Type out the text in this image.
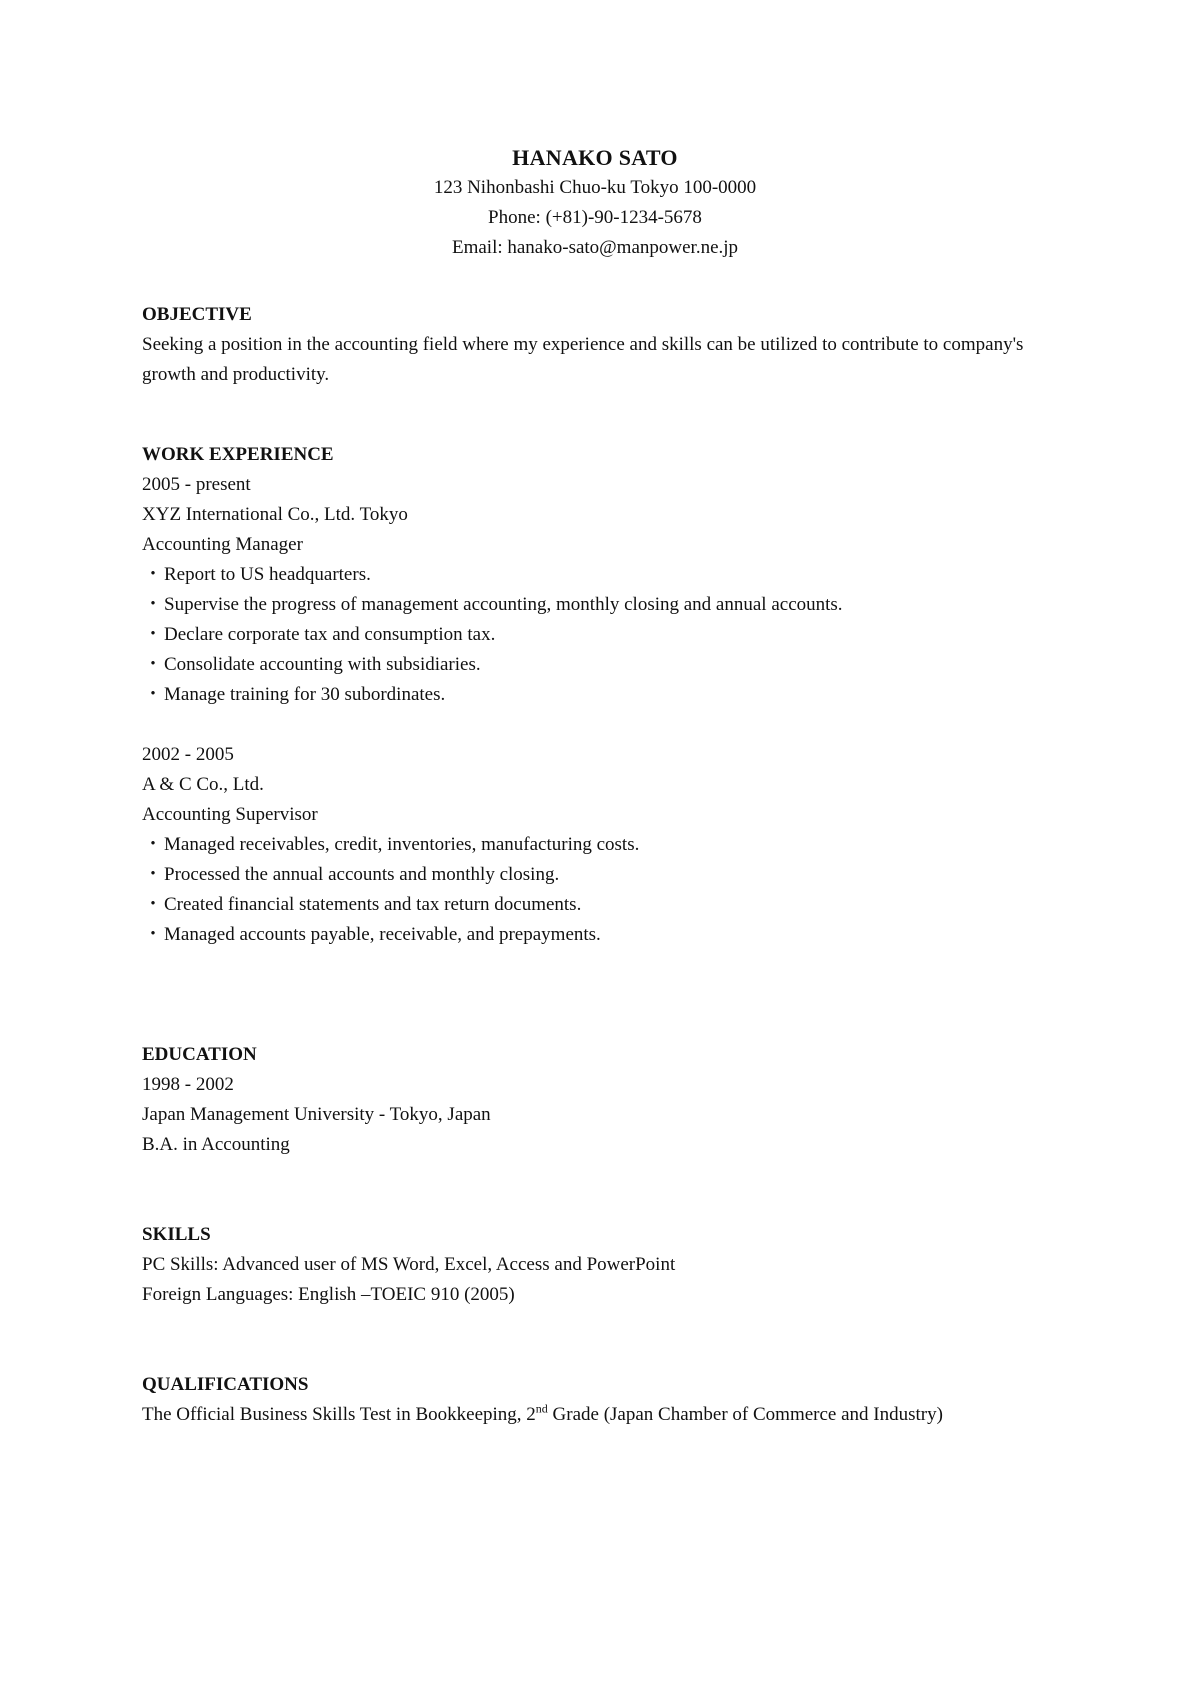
HANAKO SATO
123 Nihonbashi Chuo-ku Tokyo 100-0000
Phone: (+81)-90-1234-5678
Email: hanako-sato@manpower.ne.jp
OBJECTIVE
Seeking a position in the accounting field where my experience and skills can be utilized to contribute to company's growth and productivity.
WORK EXPERIENCE
2005 - present
XYZ International Co., Ltd. Tokyo
Accounting Manager
・ Report to US headquarters.
・ Supervise the progress of management accounting, monthly closing and annual accounts.
・ Declare corporate tax and consumption tax.
・ Consolidate accounting with subsidiaries.
・ Manage training for 30 subordinates.
2002 - 2005
A & C Co., Ltd.
Accounting Supervisor
・ Managed receivables, credit, inventories, manufacturing costs.
・ Processed the annual accounts and monthly closing.
・ Created financial statements and tax return documents.
・ Managed accounts payable, receivable, and prepayments.
EDUCATION
1998 - 2002
Japan Management University - Tokyo, Japan
B.A. in Accounting
SKILLS
PC Skills: Advanced user of MS Word, Excel, Access and PowerPoint
Foreign Languages: English –TOEIC 910 (2005)
QUALIFICATIONS
The Official Business Skills Test in Bookkeeping, 2nd Grade (Japan Chamber of Commerce and Industry)
